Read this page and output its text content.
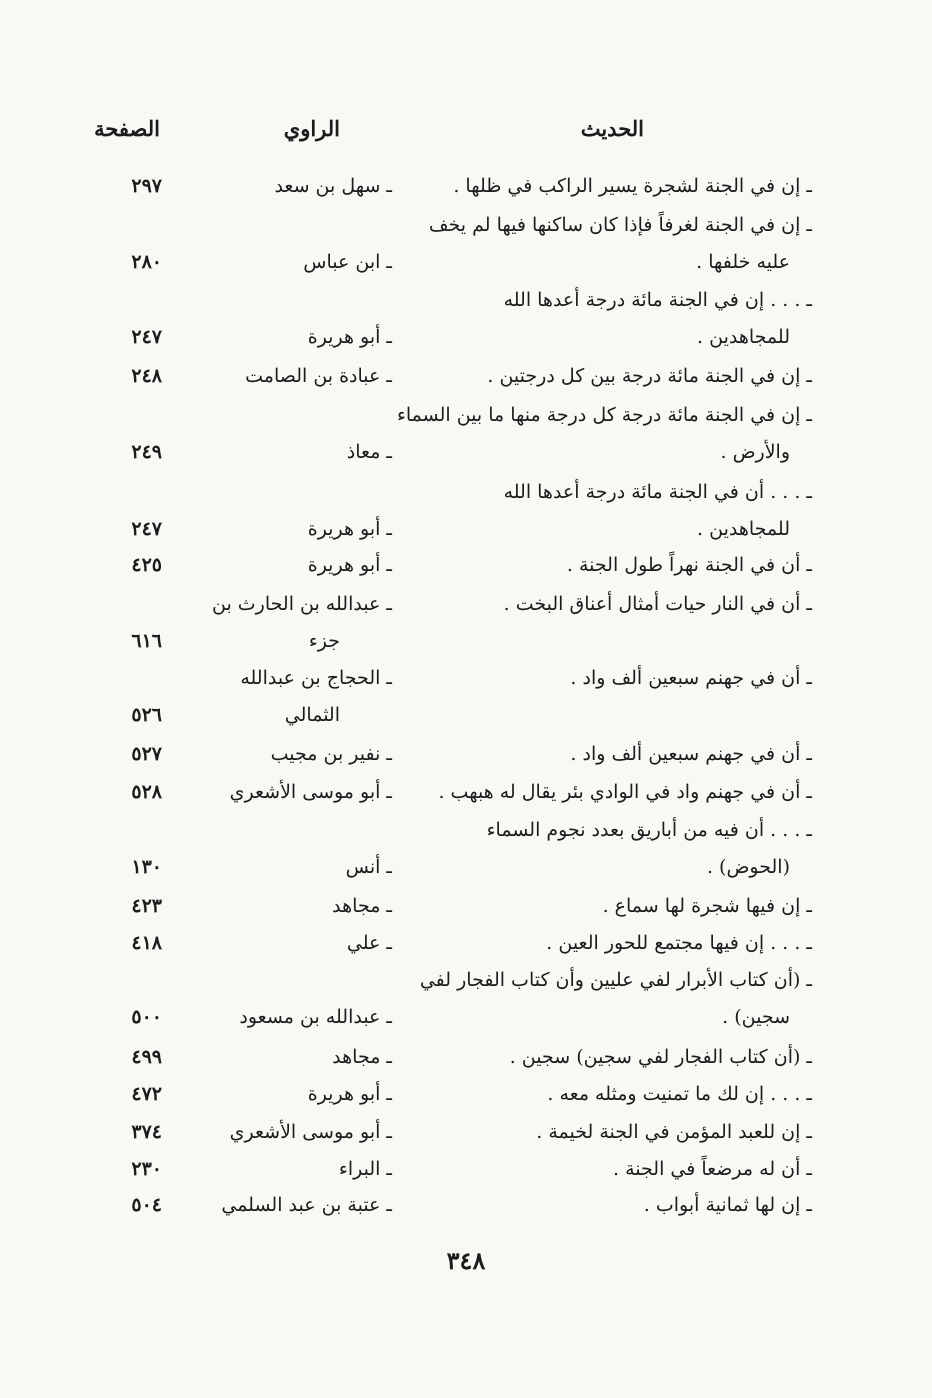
الحديث
الراوي
الصفحة
ـ إن في الجنة لشجرة يسير الراكب في ظلها .
ـ سهل بن سعد
٢٩٧
ـ إن في الجنة لغرفاً فإذا كان ساكنها فيها لم يخف
عليه خلفها .
ـ ابن عباس
٢٨٠
ـ . . . إن في الجنة مائة درجة أعدها الله
للمجاهدين .
ـ أبو هريرة
٢٤٧
ـ إن في الجنة مائة درجة بين كل درجتين .
ـ عبادة بن الصامت
٢٤٨
ـ إن في الجنة مائة درجة كل درجة منها ما بين السماء
والأرض .
ـ معاذ
٢٤٩
ـ . . . أن في الجنة مائة درجة أعدها الله
للمجاهدين .
ـ أبو هريرة
٢٤٧
ـ أن في الجنة نهراً طول الجنة .
ـ أبو هريرة
٤٢٥
ـ أن في النار حيات أمثال أعناق البخت .
ـ عبدالله بن الحارث بن
جزء
٦١٦
ـ أن في جهنم سبعين ألف واد .
ـ الحجاج بن عبدالله
الثمالي
٥٢٦
ـ أن في جهنم سبعين ألف واد .
ـ نفير بن مجيب
٥٢٧
ـ أن في جهنم واد في الوادي بئر يقال له هبهب .
ـ أبو موسى الأشعري
٥٢٨
ـ . . . أن فيه من أباريق بعدد نجوم السماء
(الحوض) .
ـ أنس
١٣٠
ـ إن فيها شجرة لها سماع .
ـ مجاهد
٤٢٣
ـ . . . إن فيها مجتمع للحور العين .
ـ علي
٤١٨
ـ (أن كتاب الأبرار لفي عليين وأن كتاب الفجار لفي
سجين) .
ـ عبدالله بن مسعود
٥٠٠
ـ (أن كتاب الفجار لفي سجين) سجين .
ـ مجاهد
٤٩٩
ـ . . . إن لك ما تمنيت ومثله معه .
ـ أبو هريرة
٤٧٢
ـ إن للعبد المؤمن في الجنة لخيمة .
ـ أبو موسى الأشعري
٣٧٤
ـ أن له مرضعاً في الجنة .
ـ البراء
٢٣٠
ـ إن لها ثمانية أبواب .
ـ عتبة بن عبد السلمي
٥٠٤
٣٤٨
